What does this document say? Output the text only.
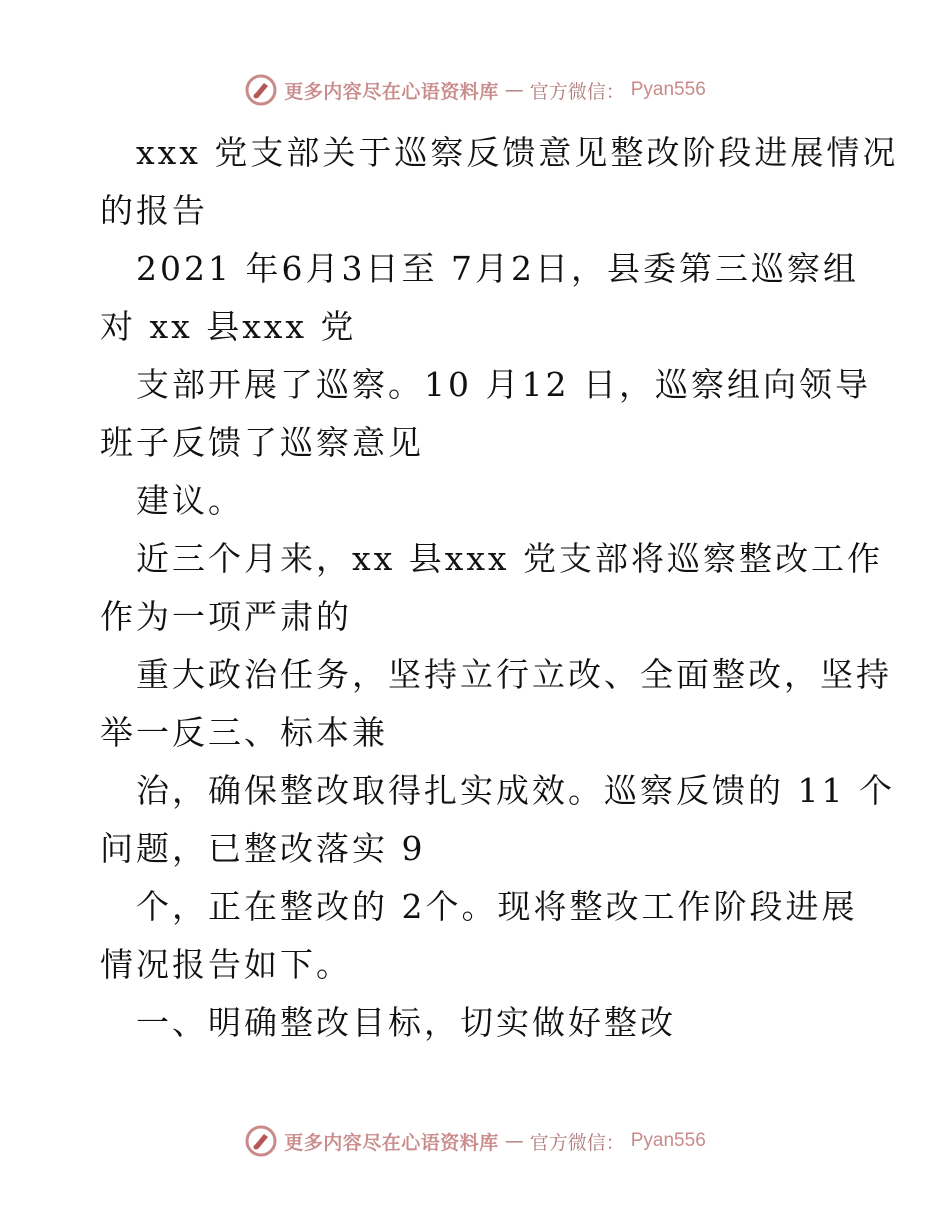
更多内容尽在心语资料库 — 官方微信： Pyan556
xxx 党支部关于巡察反馈意见整改阶段进展情况
的报告
2021 年6月3日至 7月2日，县委第三巡察组
对 xx 县xxx 党
支部开展了巡察。10 月12 日，巡察组向领导
班子反馈了巡察意见
建议。
近三个月来，xx 县xxx 党支部将巡察整改工作
作为一项严肃的
重大政治任务，坚持立行立改、全面整改，坚持
举一反三、标本兼
治，确保整改取得扎实成效。巡察反馈的 11 个
问题，已整改落实 9
个，正在整改的 2个。现将整改工作阶段进展
情况报告如下。
一、明确整改目标，切实做好整改
更多内容尽在心语资料库 — 官方微信： Pyan556
